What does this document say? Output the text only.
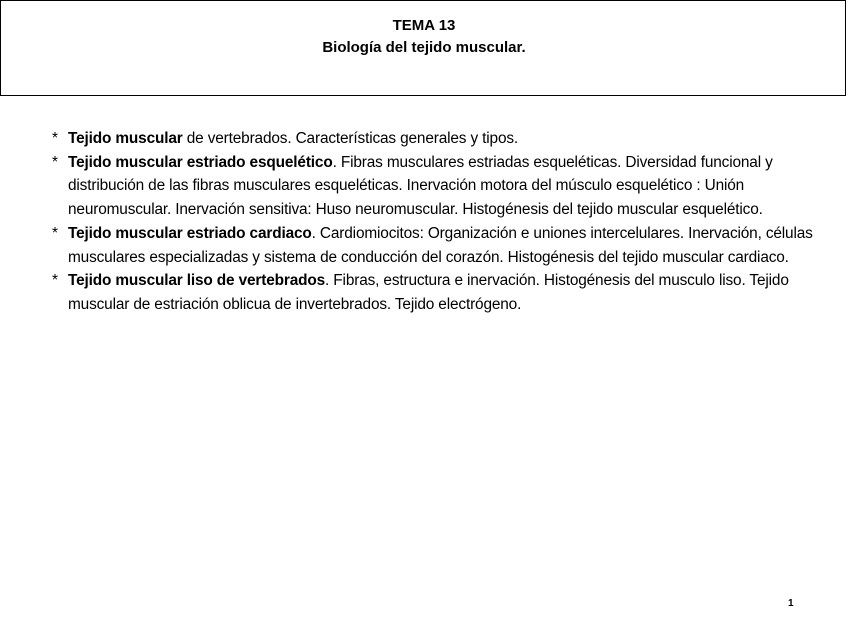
TEMA 13
Biología del tejido muscular.

* Tejido muscular de vertebrados. Características generales y tipos.

* Tejido muscular estriado esquelético. Fibras musculares estriadas esqueléticas. Diversidad funcional y distribución de las fibras musculares esqueléticas. Inervación motora del músculo esquelético : Unión neuromuscular. Inervación sensitiva: Huso neuromuscular. Histogénesis del tejido muscular esquelético.

* Tejido muscular estriado cardiaco. Cardiomiocitos: Organización e uniones intercelulares. Inervación, células musculares especializadas y sistema de conducción del corazón. Histogénesis del tejido muscular cardiaco.

* Tejido muscular liso de vertebrados. Fibras, estructura e inervación. Histogénesis del musculo liso. Tejido muscular de estriación oblicua de invertebrados. Tejido electrógeno.

1
